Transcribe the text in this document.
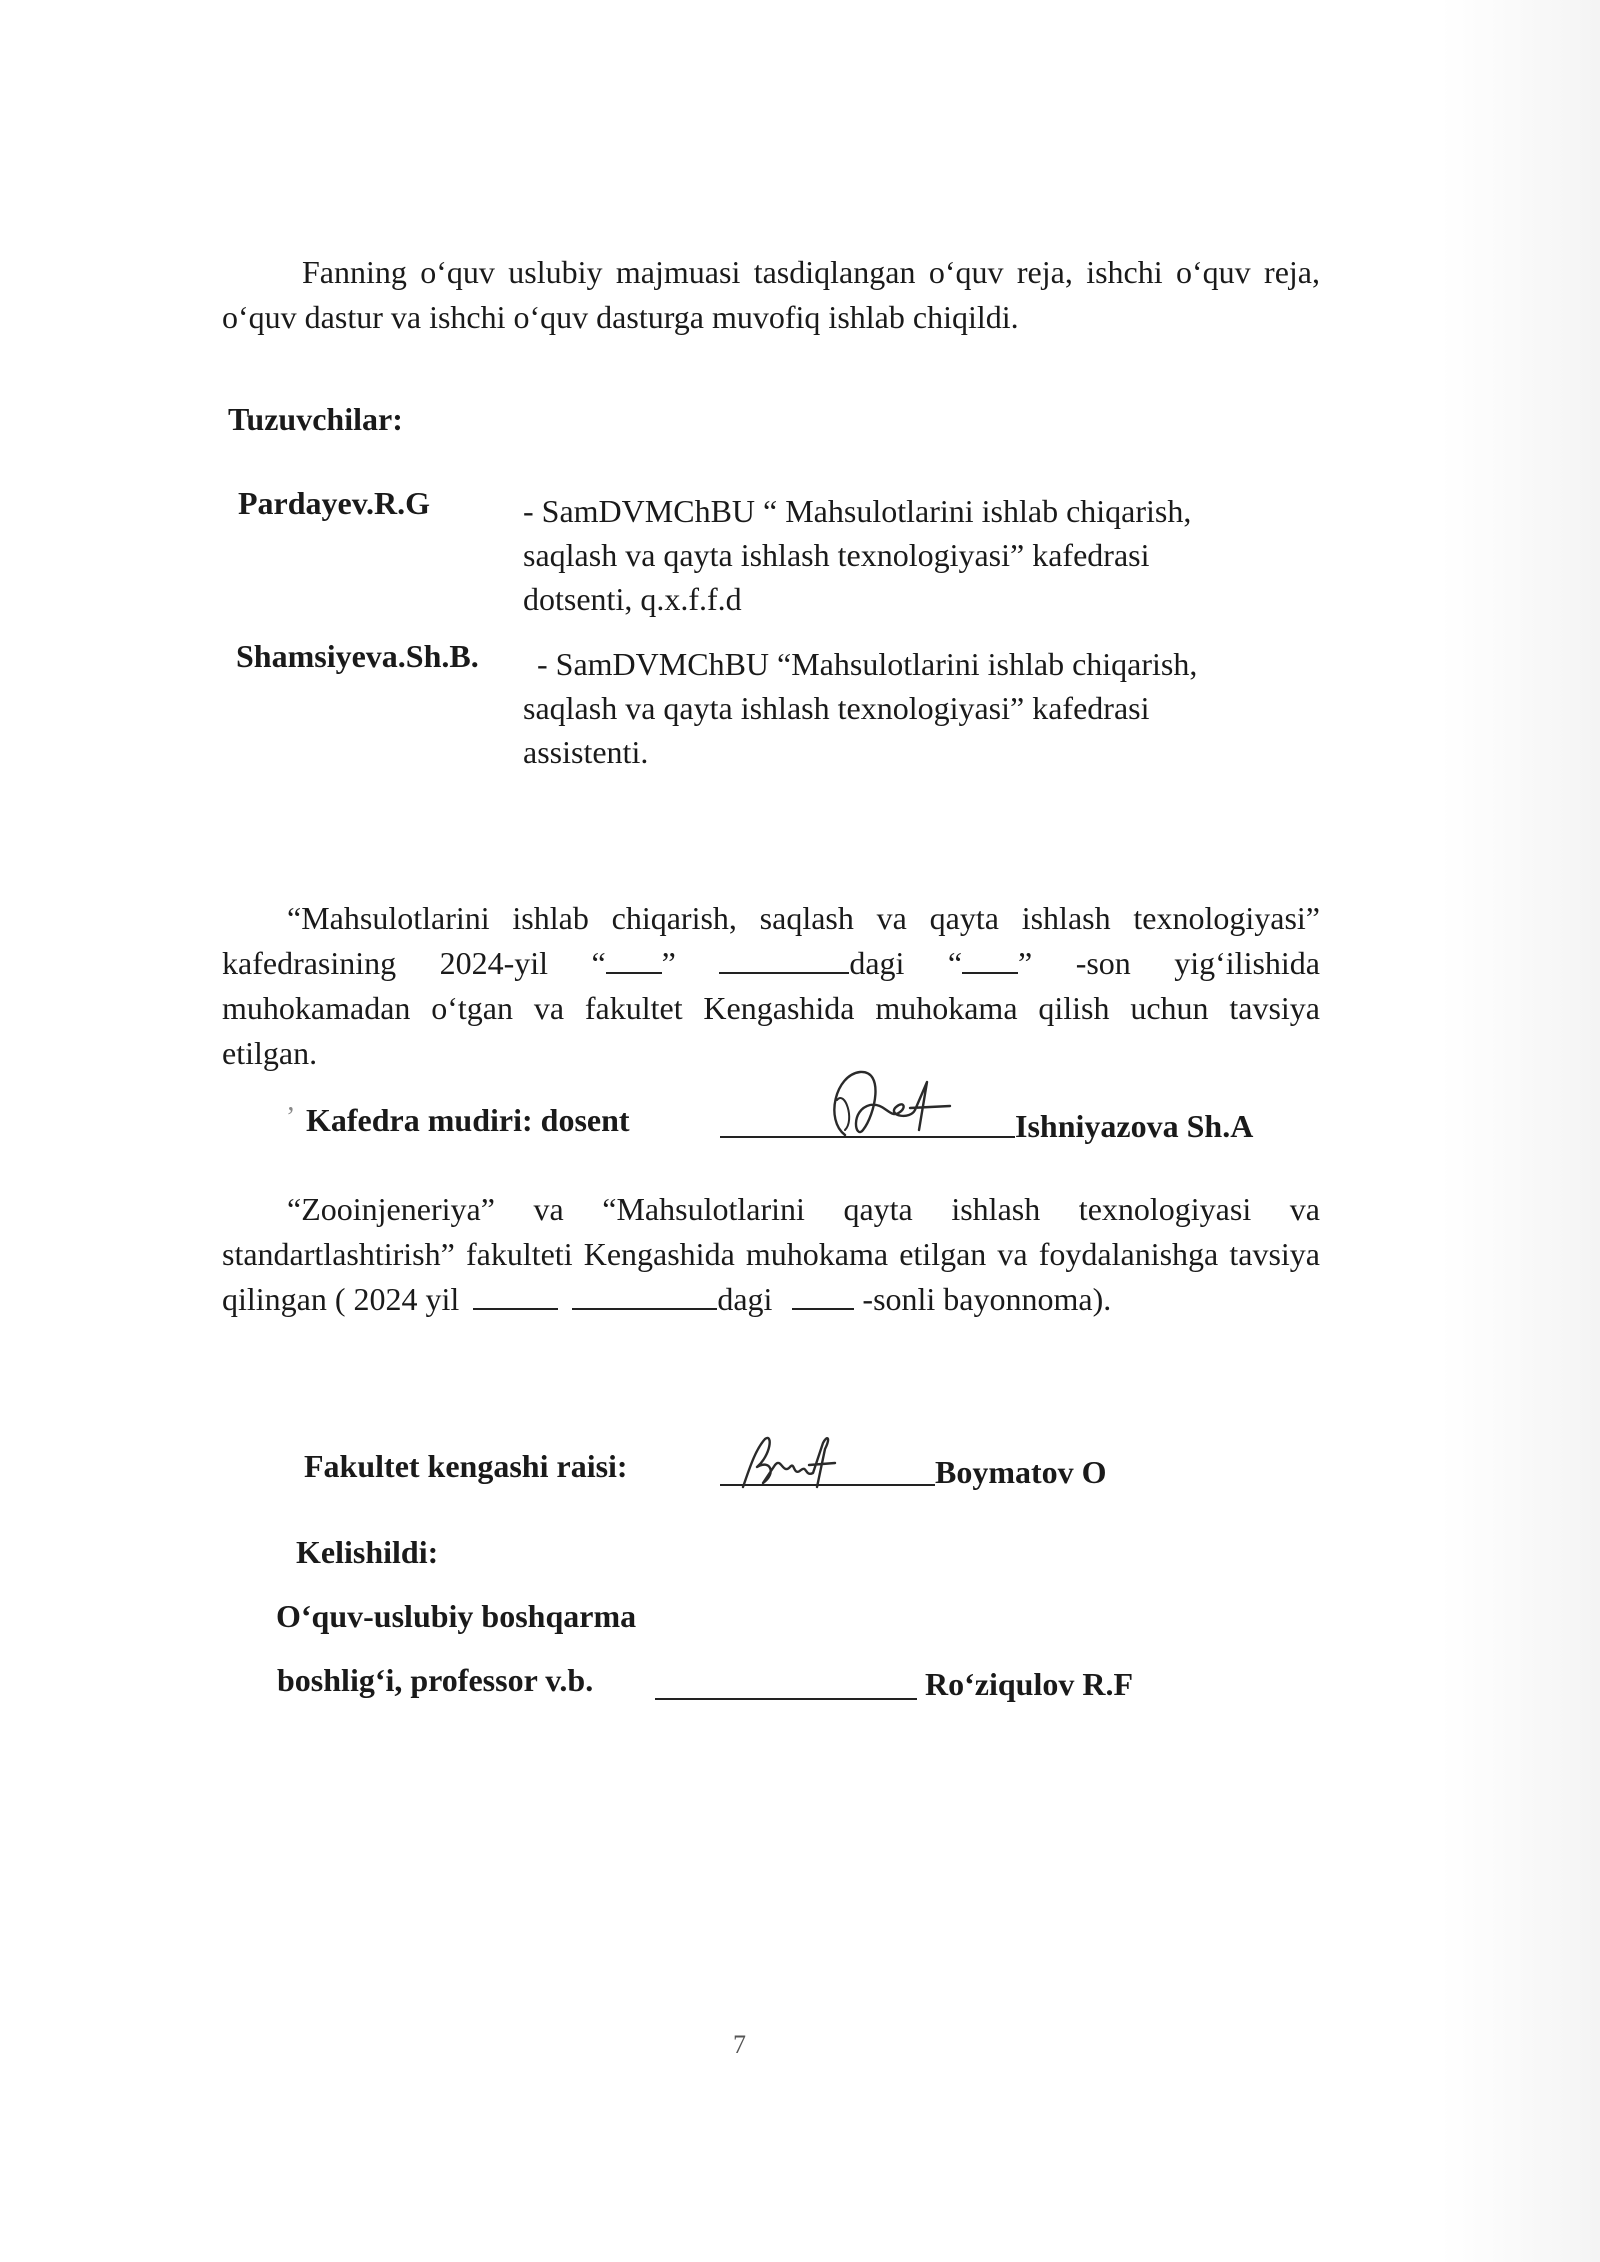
Fanning o‘quv uslubiy majmuasi tasdiqlangan o‘quv reja, ishchi o‘quv reja, o‘quv dastur va ishchi o‘quv dasturga muvofiq ishlab chiqildi.
Tuzuvchilar:
Pardayev.R.G	- SamDVMChBU “ Mahsulotlarini ishlab chiqarish,
saqlash va qayta ishlash texnologiyasi” kafedrasi
dotsenti, q.x.f.f.d
Shamsiyeva.Sh.B. - SamDVMChBU “Mahsulotlarini ishlab chiqarish,
saqlash va qayta ishlash texnologiyasi” kafedrasi
assistenti.
“Mahsulotlarini ishlab chiqarish, saqlash va qayta ishlash texnologiyasi”
kafedrasining 2024-yil “ ”	dagi “ ” -son yig‘ilishida
muhokamadan o‘tgan va fakultet Kengashida muhokama qilish uchun tavsiya
etilgan.
ʼ Kafedra mudiri: dosent	Ishniyazova Sh.A
“Zooinjeneriya” va “Mahsulotlarini qayta ishlash texnologiyasi va
standartlashtirish” fakulteti Kengashida muhokama etilgan va foydalanishga tavsiya
qilingan ( 2024 yil	dagi	-sonli bayonnoma).
Fakultet kengashi raisi:	Boymatov O
Kelishildi:
O‘quv-uslubiy boshqarma
boshlig‘i, professor v.b.	Ro‘ziqulov R.F
7
